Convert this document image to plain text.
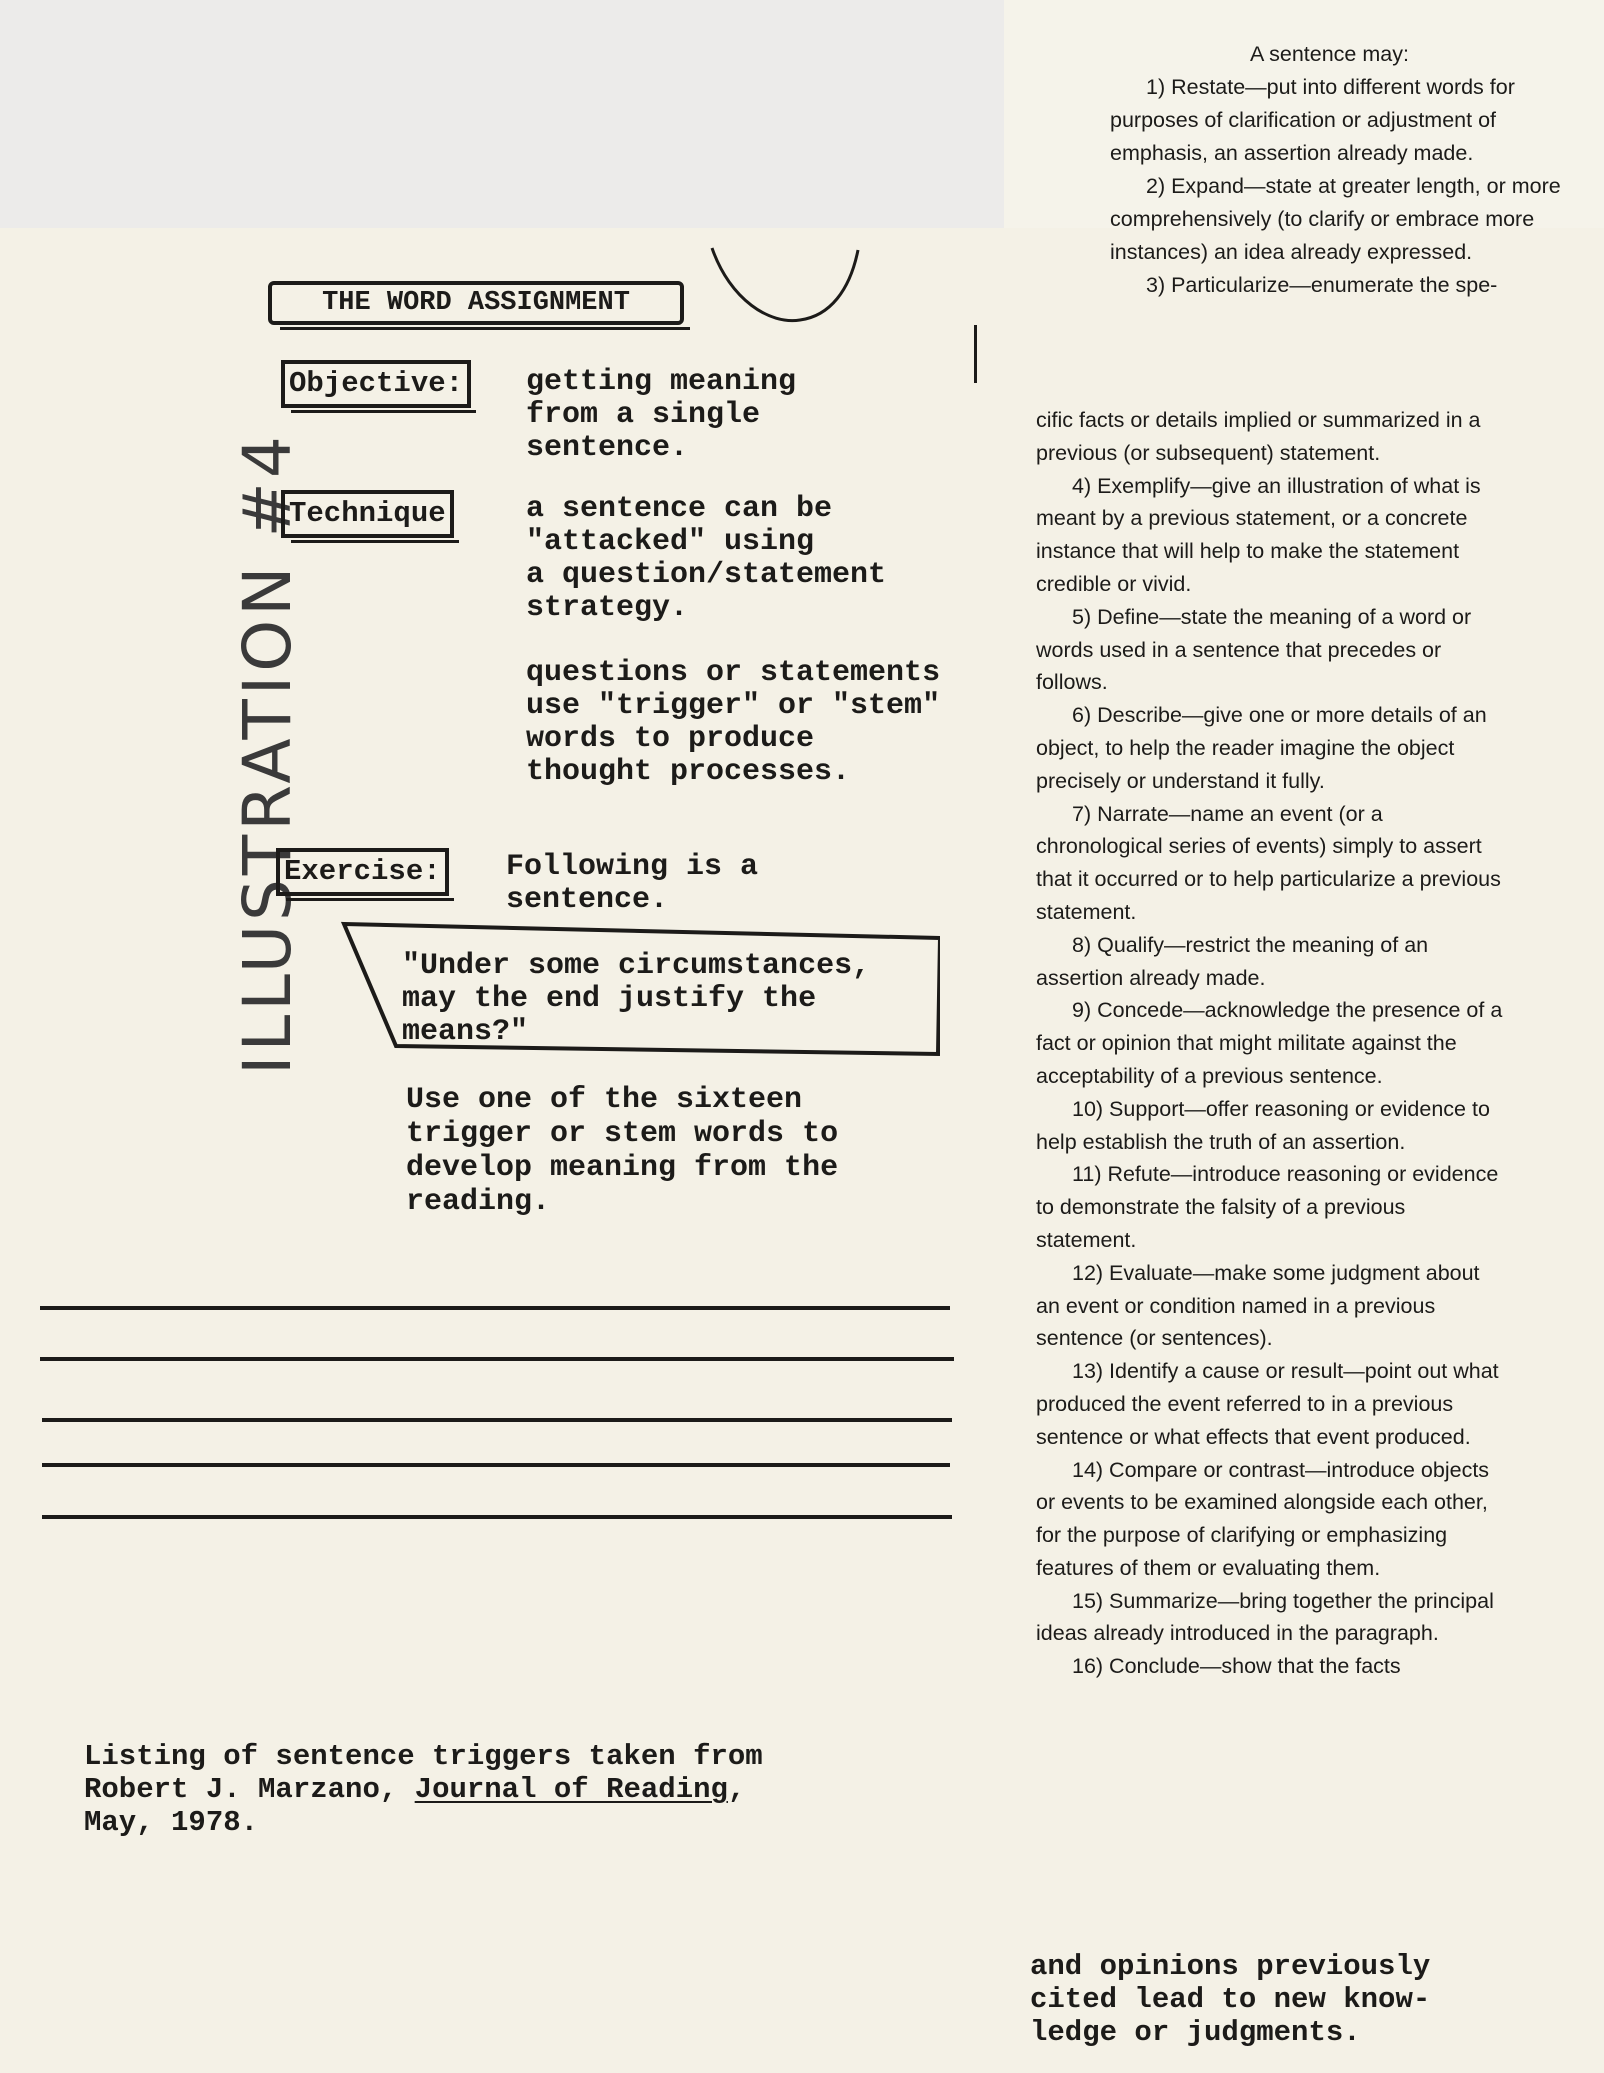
A sentence may:

1) Restate—put into different words for purposes of clarification or adjustment of emphasis, an assertion already made.

2) Expand—state at greater length, or more comprehensively (to clarify or embrace more instances) an idea already expressed.

3) Particularize—enumerate the spe-

ILLUSTRATION #4
THE WORD ASSIGNMENT
Objective: getting meaning
from a single
sentence.
Technique	a sentence can be
"attacked" using
a question/statement
strategy.
questions or statements
use "trigger" or "stem"
words to produce
thought processes.
Exercise: Following is a
sentence.
"Under some circumstances,
may the end justify the
means?"
Use one of the sixteen
trigger or stem words to
develop meaning from the
reading.
Listing of sentence triggers taken from
Robert J. Marzano, Journal of Reading,
May, 1978.

cific facts or details implied or summarized in a previous (or subsequent) statement.

4) Exemplify—give an illustration of what is meant by a previous statement, or a concrete instance that will help to make the statement credible or vivid.

5) Define—state the meaning of a word or words used in a sentence that precedes or follows.

6) Describe—give one or more details of an object, to help the reader imagine the object precisely or understand it fully.

7) Narrate—name an event (or a chronological series of events) simply to assert that it occurred or to help particularize a previous statement.

8) Qualify—restrict the meaning of an assertion already made.

9) Concede—acknowledge the presence of a fact or opinion that might militate against the acceptability of a previous sentence.

10) Support—offer reasoning or evidence to help establish the truth of an assertion.

11) Refute—introduce reasoning or evidence to demonstrate the falsity of a previous statement.

12) Evaluate—make some judgment about an event or condition named in a previous sentence (or sentences).

13) Identify a cause or result—point out what produced the event referred to in a previous sentence or what effects that event produced.

14) Compare or contrast—introduce objects or events to be examined alongside each other, for the purpose of clarifying or emphasizing features of them or evaluating them.

15) Summarize—bring together the principal ideas already introduced in the paragraph.

16) Conclude—show that the facts

and opinions previously
cited lead to new know-
ledge or judgments.
